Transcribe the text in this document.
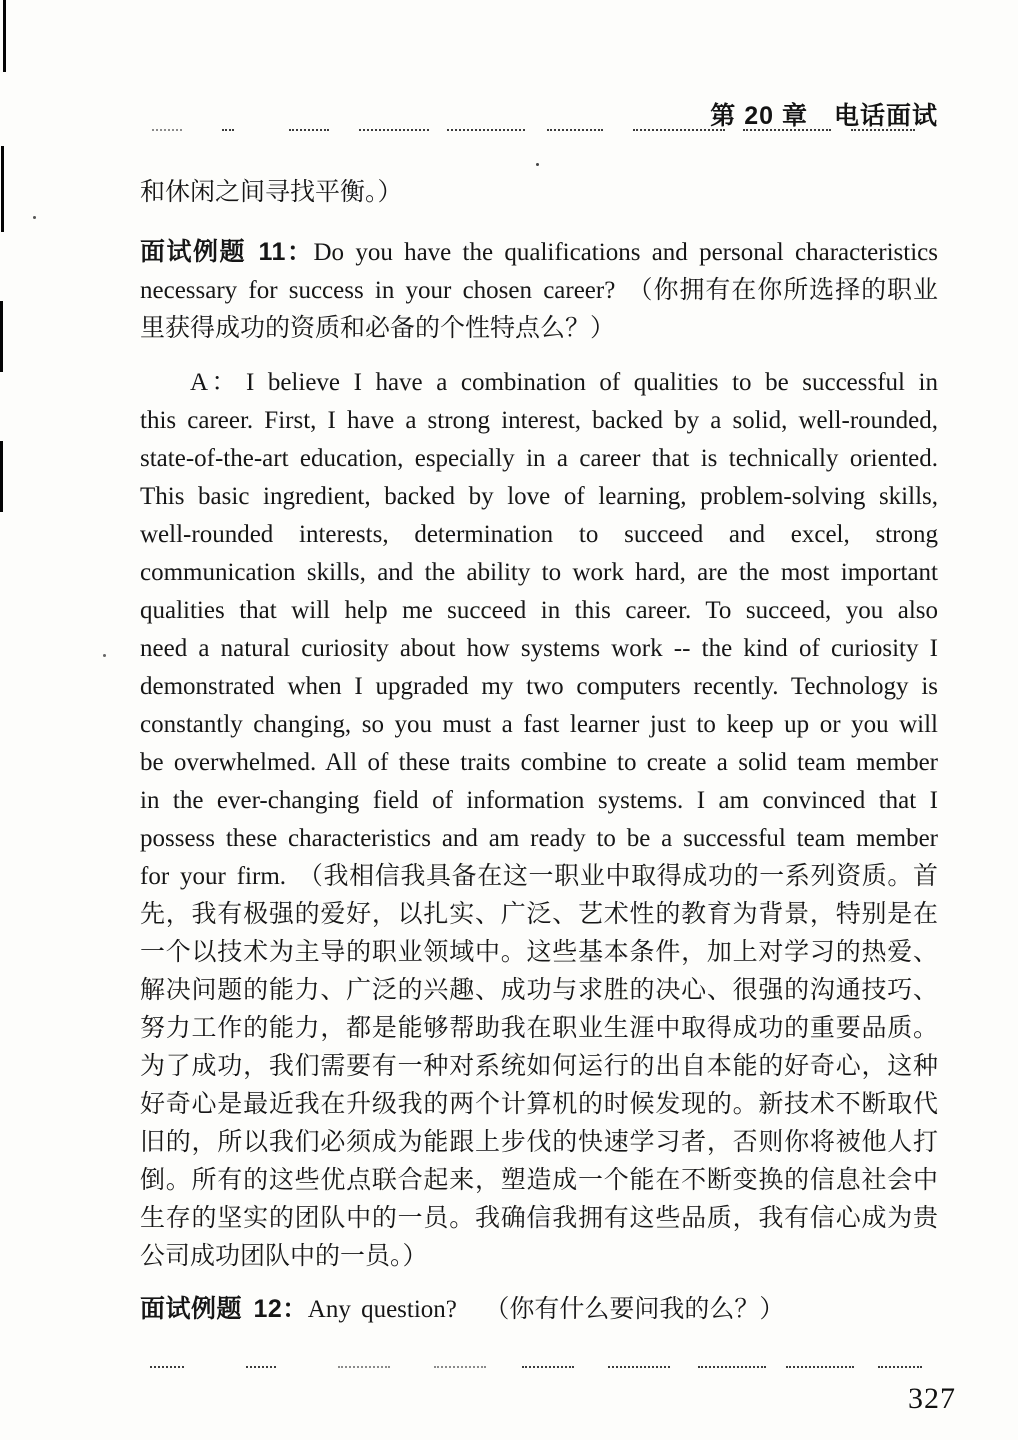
第 20 章　电话面试

和休闲之间寻找平衡。）

面试例题 11：Do you have the qualifications and personal characteristics necessary for success in your chosen career? （你拥有在你所选择的职业里获得成功的资质和必备的个性特点么？）

A： I believe I have a combination of qualities to be successful in this career. First, I have a strong interest, backed by a solid, well-rounded, state-of-the-art education, especially in a career that is technically oriented. This basic ingredient, backed by love of learning, problem-solving skills, well-rounded interests, determination to succeed and excel, strong communication skills, and the ability to work hard, are the most important qualities that will help me succeed in this career. To succeed, you also need a natural curiosity about how systems work -- the kind of curiosity I demonstrated when I upgraded my two computers recently. Technology is constantly changing, so you must a fast learner just to keep up or you will be overwhelmed. All of these traits combine to create a solid team member in the ever-changing field of information systems. I am convinced that I possess these characteristics and am ready to be a successful team member for your firm. （我相信我具备在这一职业中取得成功的一系列资质。首先，我有极强的爱好，以扎实、广泛、艺术性的教育为背景，特别是在一个以技术为主导的职业领域中。这些基本条件，加上对学习的热爱、解决问题的能力、广泛的兴趣、成功与求胜的决心、很强的沟通技巧、努力工作的能力，都是能够帮助我在职业生涯中取得成功的重要品质。为了成功，我们需要有一种对系统如何运行的出自本能的好奇心，这种好奇心是最近我在升级我的两个计算机的时候发现的。新技术不断取代旧的，所以我们必须成为能跟上步伐的快速学习者，否则你将被他人打倒。所有的这些优点联合起来，塑造成一个能在不断变换的信息社会中生存的坚实的团队中的一员。我确信我拥有这些品质，我有信心成为贵公司成功团队中的一员。）

面试例题 12：Any question? （你有什么要问我的么？）

327
